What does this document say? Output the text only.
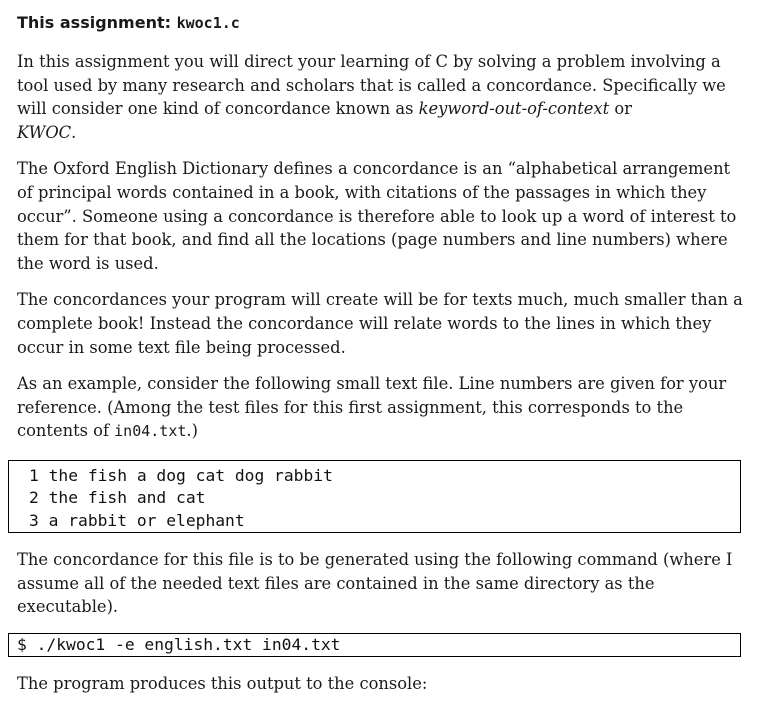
This assignment: kwoc1.c

In this assignment you will direct your learning of C by solving a problem involving a tool used by many research and scholars that is called a concordance. Specifically we will consider one kind of concordance known as keyword-out-of-context or
KWOC.

The Oxford English Dictionary defines a concordance is an “alphabetical arrangement of principal words contained in a book, with citations of the passages in which they occur”. Someone using a concordance is therefore able to look up a word of interest to them for that book, and find all the locations (page numbers and line numbers) where the word is used.

The concordances your program will create will be for texts much, much smaller than a complete book! Instead the concordance will relate words to the lines in which they occur in some text file being processed.

As an example, consider the following small text file. Line numbers are given for your reference. (Among the test files for this first assignment, this corresponds to the contents of in04.txt.)

1 the fish a dog cat dog rabbit
2 the fish and cat
3 a rabbit or elephant

The concordance for this file is to be generated using the following command (where I assume all of the needed text files are contained in the same directory as the executable).

$ ./kwoc1 -e english.txt in04.txt

The program produces this output to the console:
